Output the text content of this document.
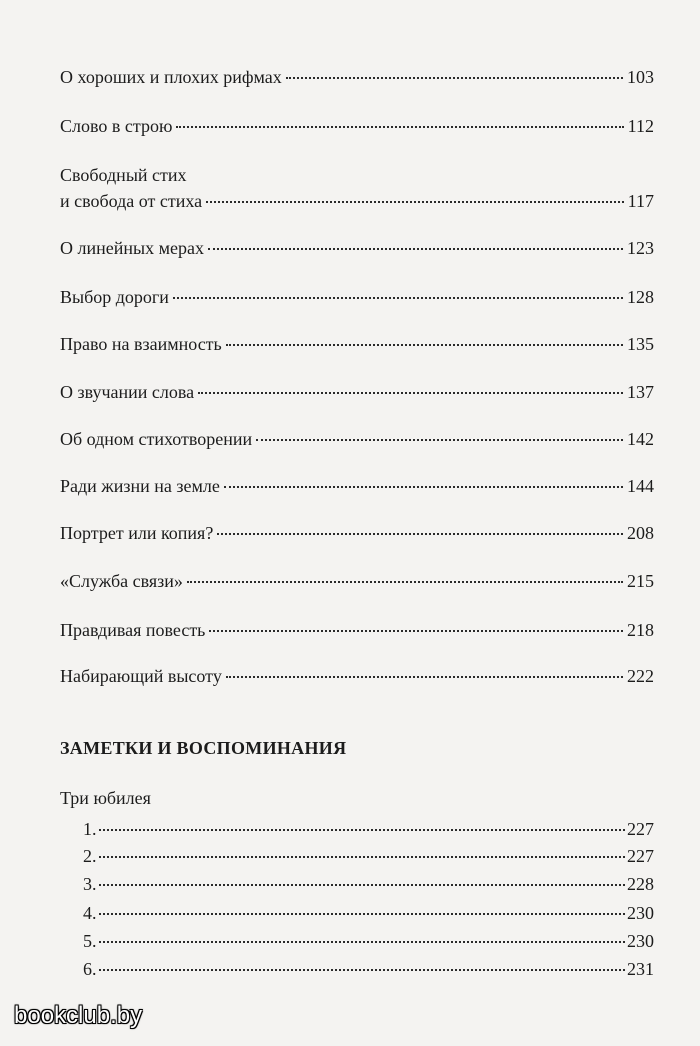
О хороших и плохих рифмах	103
Слово в строю	112
Свободный стих
и свобода от стиха	117
О линейных мерах	123
Выбор дороги	128
Право на взаимность	135
О звучании слова	137
Об одном стихотворении	142
Ради жизни на земле	144
Портрет или копия?	208
«Служба связи»	215
Правдивая повесть	218
Набирающий высоту	222
ЗАМЕТКИ И ВОСПОМИНАНИЯ
Три юбилея
1.	227
2.	227
3.	228
4.	230
5.	230
6.	231
bookclub.by
